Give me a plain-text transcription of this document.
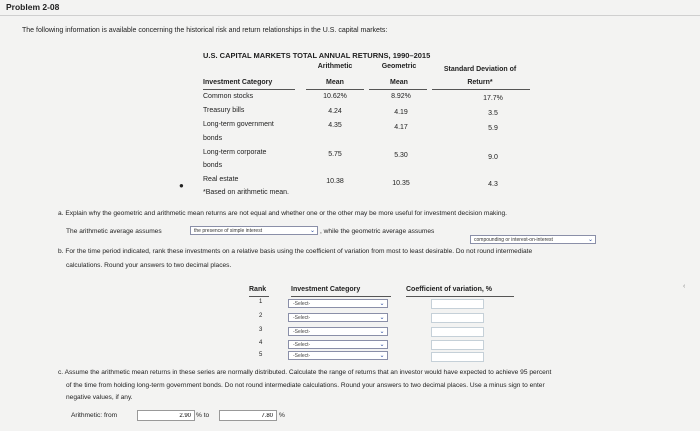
Problem 2-08
The following information is available concerning the historical risk and return relationships in the U.S. capital markets:
U.S. CAPITAL MARKETS TOTAL ANNUAL RETURNS, 1990–2015
Arithmetic	Geometric	Standard Deviation of
Investment Category	Mean	Mean	Return*
Common stocks	10.62%	8.92%	17.7%
Treasury bills	4.24	4.19	3.5
Long-term government
bonds
4.35	4.17	5.9
Long-term corporate
bonds
5.75	5.30	9.0
Real estate	10.38	10.35	4.3
●
*Based on arithmetic mean.
a. Explain why the geometric and arithmetic mean returns are not equal and whether one or the other may be more useful for investment decision making.
The arithmetic average assumes	the presence of simple interest	⌄ , while the geometric average assumes
compounding or interest-on-interest	⌄
b. For the time period indicated, rank these investments on a relative basis using the coefficient of variation from most to least desirable. Do not round intermediate
calculations. Round your answers to two decimal places.
Rank	Investment Category	Coefficient of variation, %
1	-Select-	⌄
2	-Select-	⌄
3	-Select-	⌄
4	-Select-	⌄
5	-Select-	⌄
c. Assume the arithmetic mean returns in these series are normally distributed. Calculate the range of returns that an investor would have expected to achieve 95 percent
of the time from holding long-term government bonds. Do not round intermediate calculations. Round your answers to two decimal places. Use a minus sign to enter
negative values, if any.
Arithmetic: from
2.90	% to
7.80	%
‹
